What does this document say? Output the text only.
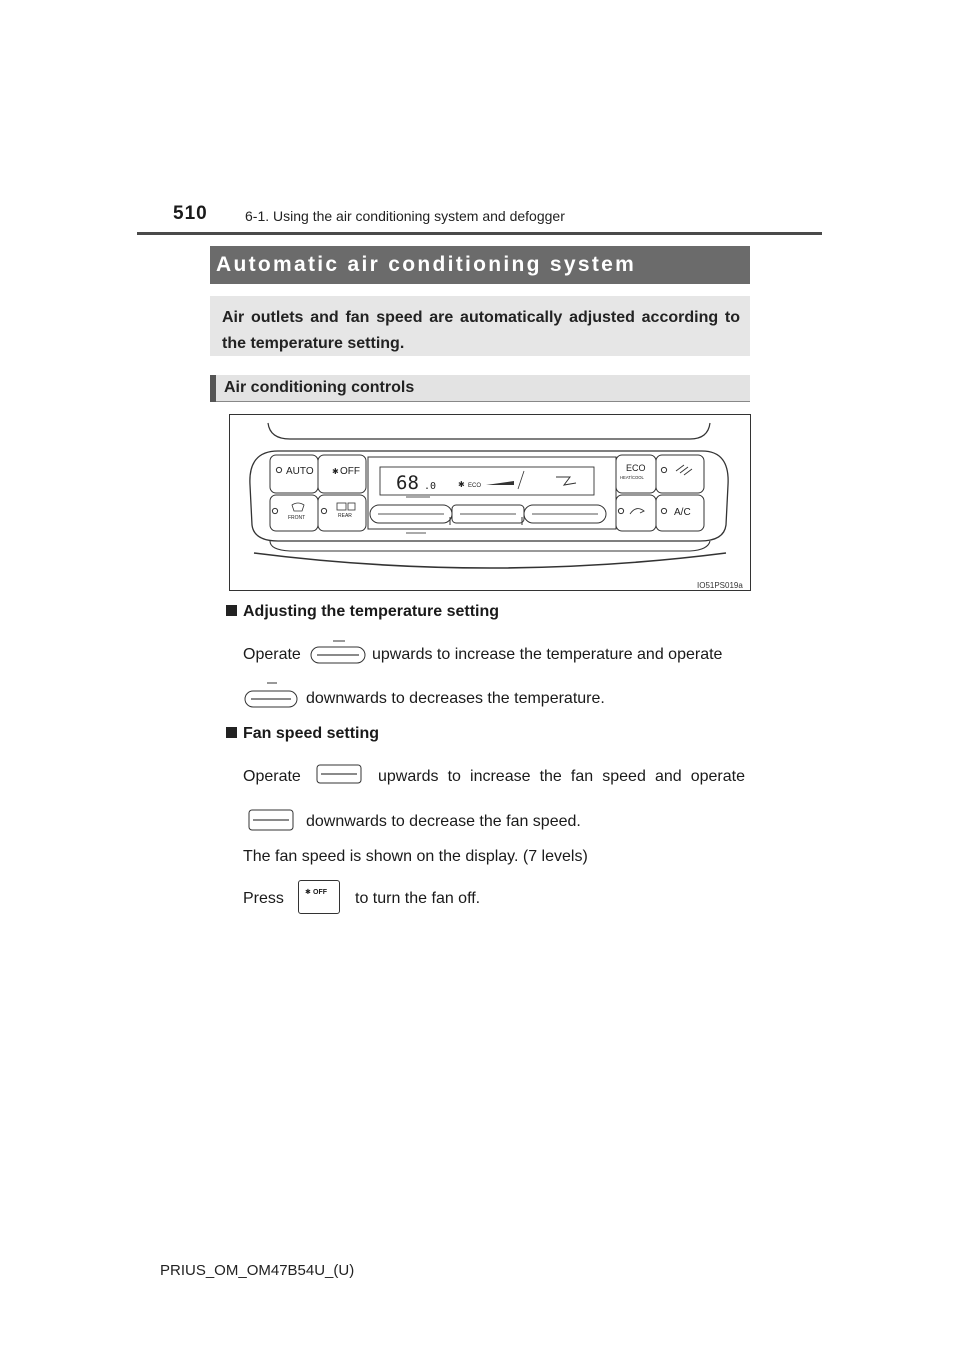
510	6-1. Using the air conditioning system and defogger
Automatic air conditioning system
Air outlets and fan speed are automatically adjusted according to the temperature setting.
Air conditioning controls
AUTO ✱ OFF
FRONT	REAR
68 .0	✱ ECO
ECO
HEAT/COOL
A/C
IO51PS019a
Adjusting the temperature setting
Operate	upwards to increase the temperature and operate
downwards to decreases the temperature.
Fan speed setting
Operate	upwards to increase the fan speed and operate
downwards to decrease the fan speed.
The fan speed is shown on the display. (7 levels)
Press	✱ OFF to turn the fan off.
PRIUS_OM_OM47B54U_(U)
